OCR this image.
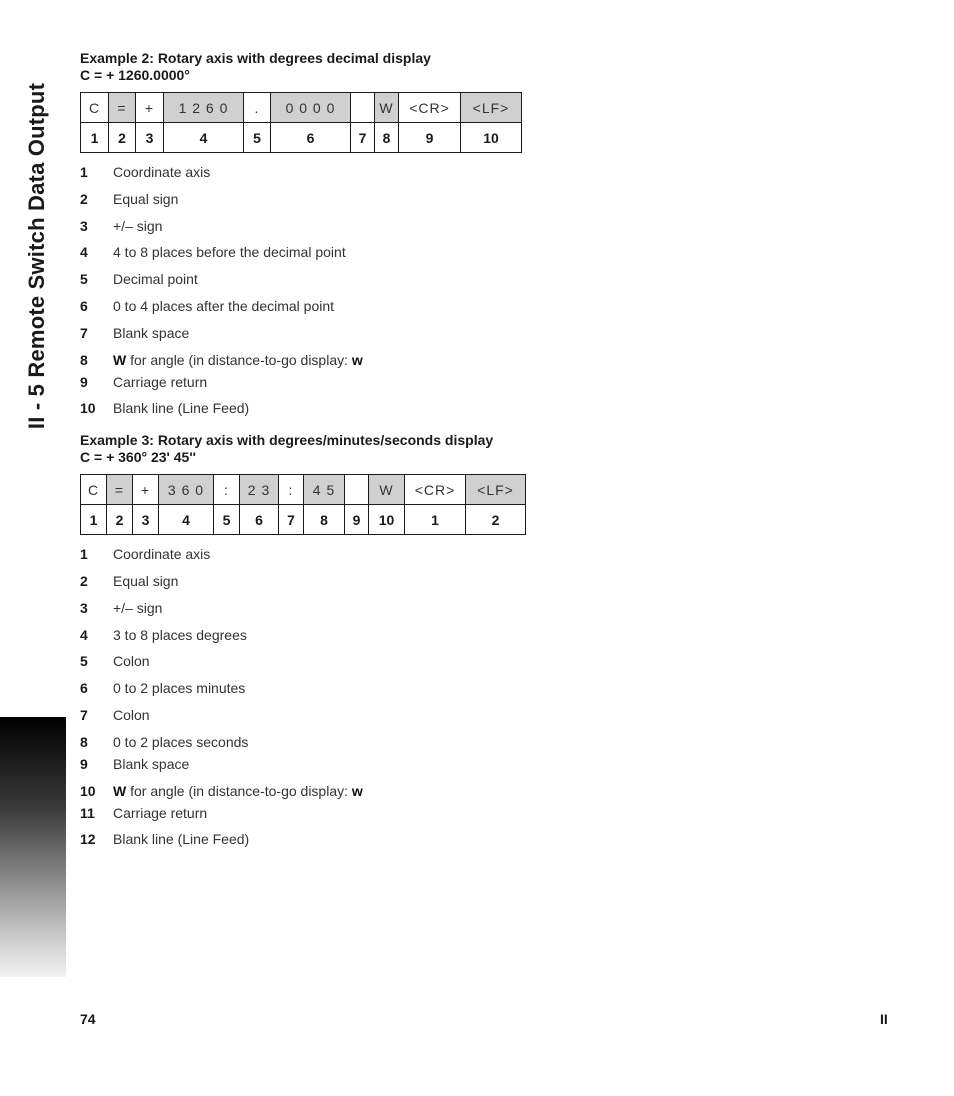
II - 5 Remote Switch Data Output

Example 2: Rotary axis with degrees decimal display

C = + 1260.0000°

C	=	+	1 2 6 0	.	0 0 0 0		W	<CR>	<LF>
1	2	3	4	5	6	7	8	9	10
1	Coordinate axis
2	Equal sign
3	+/– sign
4	4 to 8 places before the decimal point
5	Decimal point
6	0 to 4 places after the decimal point
7	Blank space
8	W for angle (in distance-to-go display: w
9	Carriage return
10	Blank line (Line Feed)

Example 3: Rotary axis with degrees/minutes/seconds display

C = + 360° 23' 45''

C	=	+	3 6 0	:	2 3	:	4 5		W	<CR>	<LF>
1	2	3	4	5	6	7	8	9	10	1	2
1	Coordinate axis
2	Equal sign
3	+/– sign
4	3 to 8 places degrees
5	Colon
6	0 to 2 places minutes
7	Colon
8	0 to 2 places seconds
9	Blank space
10	W for angle (in distance-to-go display: w
11	Carriage return
12	Blank line (Line Feed)
74	II
